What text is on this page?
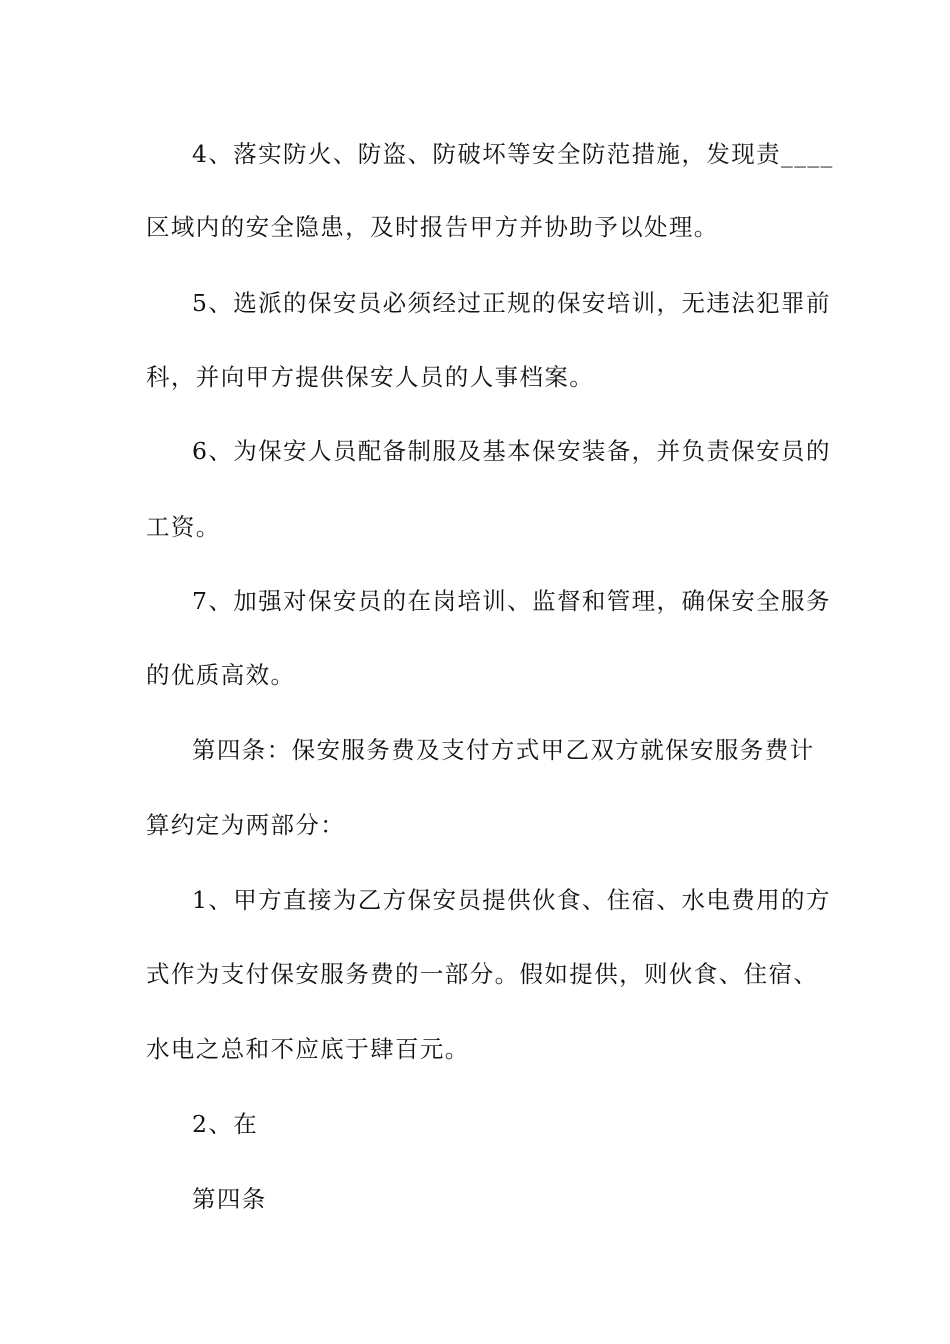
4、落实防火、防盗、防破坏等安全防范措施，发现责____
区域内的安全隐患，及时报告甲方并协助予以处理。
5、选派的保安员必须经过正规的保安培训，无违法犯罪前
科，并向甲方提供保安人员的人事档案。
6、为保安人员配备制服及基本保安装备，并负责保安员的
工资。
7、加强对保安员的在岗培训、监督和管理，确保安全服务
的优质高效。
第四条：保安服务费及支付方式甲乙双方就保安服务费计
算约定为两部分：
1、甲方直接为乙方保安员提供伙食、住宿、水电费用的方
式作为支付保安服务费的一部分。假如提供，则伙食、住宿、
水电之总和不应底于肆百元。
2、在
第四条
